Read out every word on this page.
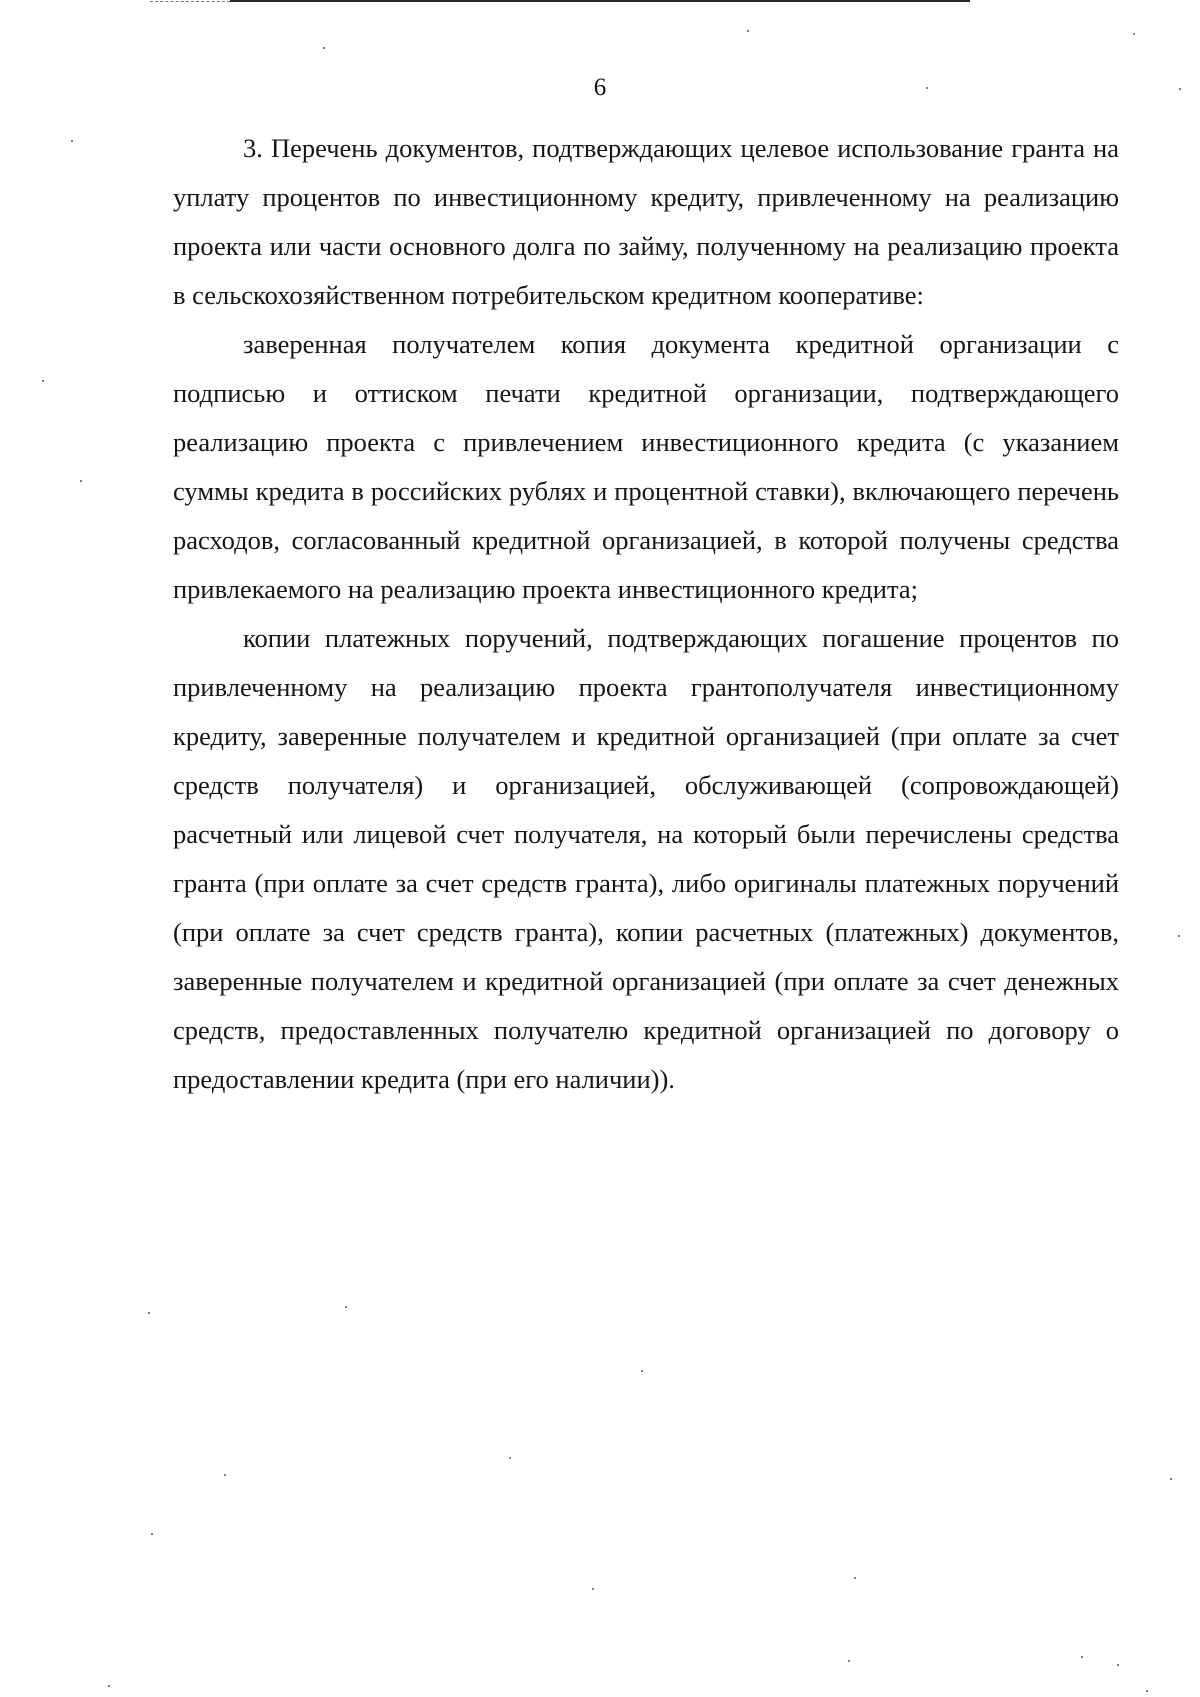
6

3. Перечень документов, подтверждающих целевое использование гранта на уплату процентов по инвестиционному кредиту, привлеченному на реализацию проекта или части основного долга по займу, полученному на реализацию проекта в сельскохозяйственном потребительском кредитном кооперативе:

заверенная получателем копия документа кредитной организации с подписью и оттиском печати кредитной организации, подтверждающего реализацию проекта с привлечением инвестиционного кредита (с указанием суммы кредита в российских рублях и процентной ставки), включающего перечень расходов, согласованный кредитной организацией, в которой получены средства привлекаемого на реализацию проекта инвестиционного кредита;

копии платежных поручений, подтверждающих погашение процентов по привлеченному на реализацию проекта грантополучателя инвестиционному кредиту, заверенные получателем и кредитной организацией (при оплате за счет средств получателя) и организацией, обслуживающей (сопровождающей) расчетный или лицевой счет получателя, на который были перечислены средства гранта (при оплате за счет средств гранта), либо оригиналы платежных поручений (при оплате за счет средств гранта), копии расчетных (платежных) документов, заверенные получателем и кредитной организацией (при оплате за счет денежных средств, предоставленных получателю кредитной организацией по договору о предоставлении кредита (при его наличии)).
